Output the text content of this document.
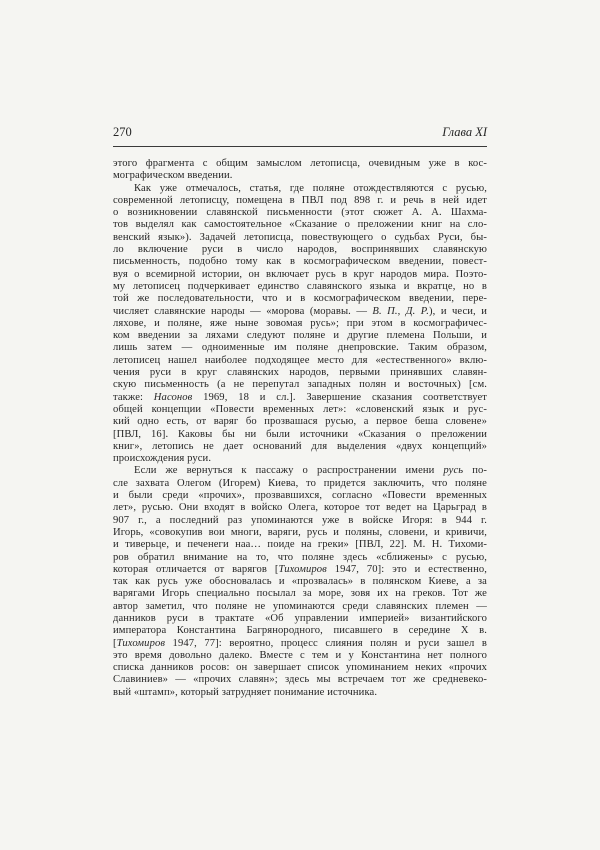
270	Глава XI
этого фрагмента с общим замыслом летописца, очевидным уже в кос-
мографическом введении.
Как уже отмечалось, статья, где поляне отождествляются с русью,
современной летописцу, помещена в ПВЛ под 898 г. и речь в ней идет
о возникновении славянской письменности (этот сюжет А. А. Шахма-
тов выделял как самостоятельное «Сказание о преложении книг на сло-
венский язык»). Задачей летописца, повествующего о судьбах Руси, бы-
ло включение руси в число народов, воспринявших славянскую
письменность, подобно тому как в космографическом введении, повест-
вуя о всемирной истории, он включает русь в круг народов мира. Поэто-
му летописец подчеркивает единство славянского языка и вкратце, но в
той же последовательности, что и в космографическом введении, пере-
числяет славянские народы — «морова (моравы. — В. П., Д. Р.), и чеси, и
ляхове, и поляне, яже ныне зовомая русь»; при этом в космографичес-
ком введении за ляхами следуют поляне и другие племена Польши, и
лишь затем — одноименные им поляне днепровские. Таким образом,
летописец нашел наиболее подходящее место для «естественного» вклю-
чения руси в круг славянских народов, первыми принявших славян-
скую письменность (а не перепутал западных полян и восточных) [см.
также: Насонов 1969, 18 и сл.]. Завершение сказания соответствует
общей концепции «Повести временных лет»: «словенский язык и рус-
кий одно есть, от варяг бо прозвашася русью, а первое беша словене»
[ПВЛ, 16]. Каковы бы ни были источники «Сказания о преложении
книг», летопись не дает оснований для выделения «двух концепций»
происхождения руси.
Если же вернуться к пассажу о распространении имени русь по-
сле захвата Олегом (Игорем) Киева, то придется заключить, что поляне
и были среди «прочих», прозвавшихся, согласно «Повести временных
лет», русью. Они входят в войско Олега, которое тот ведет на Царьград в
907 г., а последний раз упоминаются уже в войске Игоря: в 944 г.
Игорь, «совокупив вои многи, варяги, русь и поляны, словени, и кривичи,
и тиверьце, и печенеги наа… поиде на греки» [ПВЛ, 22]. М. Н. Тихоми-
ров обратил внимание на то, что поляне здесь «сближены» с русью,
которая отличается от варягов [Тихомиров 1947, 70]: это и естественно,
так как русь уже обосновалась и «прозвалась» в полянском Киеве, а за
варягами Игорь специально посылал за море, зовя их на греков. Тот же
автор заметил, что поляне не упоминаются среди славянских племен —
данников руси в трактате «Об управлении империей» византийского
императора Константина Багрянородного, писавшего в середине X в.
[Тихомиров 1947, 77]: вероятно, процесс слияния полян и руси зашел в
это время довольно далеко. Вместе с тем и у Константина нет полного
списка данников росов: он завершает список упоминанием неких «прочих
Славиниев» — «прочих славян»; здесь мы встречаем тот же средневеко-
вый «штамп», который затрудняет понимание источника.
